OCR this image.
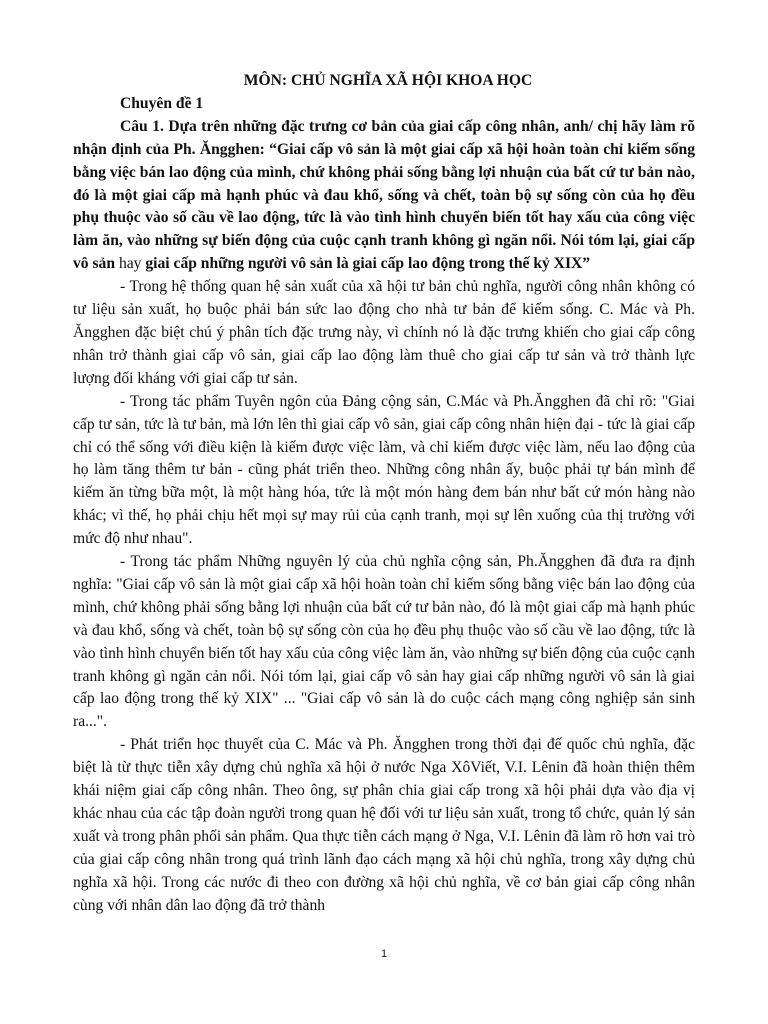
MÔN: CHỦ NGHĨA XÃ HỘI KHOA HỌC

Chuyên đề 1

Câu 1. Dựa trên những đặc trưng cơ bản của giai cấp công nhân, anh/ chị hãy làm rõ nhận định của Ph. Ăngghen: “Giai cấp vô sản là một giai cấp xã hội hoàn toàn chỉ kiếm sống bằng việc bán lao động của mình, chứ không phải sống bằng lợi nhuận của bất cứ tư bản nào, đó là một giai cấp mà hạnh phúc và đau khổ, sống và chết, toàn bộ sự sống còn của họ đều phụ thuộc vào số cầu về lao động, tức là vào tình hình chuyển biến tốt hay xấu của công việc làm ăn, vào những sự biến động của cuộc cạnh tranh không gì ngăn nổi. Nói tóm lại, giai cấp vô sản hay giai cấp những người vô sản là giai cấp lao động trong thế kỷ XIX”

- Trong hệ thống quan hệ sản xuất của xã hội tư bản chủ nghĩa, người công nhân không có tư liệu sản xuất, họ buộc phải bán sức lao động cho nhà tư bản để kiếm sống. C. Mác và Ph. Ăngghen đặc biệt chú ý phân tích đặc trưng này, vì chính nó là đặc trưng khiến cho giai cấp công nhân trở thành giai cấp vô sản, giai cấp lao động làm thuê cho giai cấp tư sản và trở thành lực lượng đối kháng với giai cấp tư sản.

- Trong tác phẩm Tuyên ngôn của Đảng cộng sản, C.Mác và Ph.Ăngghen đã chỉ rõ: "Giai cấp tư sản, tức là tư bản, mà lớn lên thì giai cấp vô sản, giai cấp công nhân hiện đại - tức là giai cấp chỉ có thể sống với điều kiện là kiếm được việc làm, và chỉ kiếm được việc làm, nếu lao động của họ làm tăng thêm tư bản - cũng phát triển theo. Những công nhân ấy, buộc phải tự bán mình để kiếm ăn từng bữa một, là một hàng hóa, tức là một món hàng đem bán như bất cứ món hàng nào khác; vì thế, họ phải chịu hết mọi sự may rủi của cạnh tranh, mọi sự lên xuống của thị trường với mức độ như nhau".

- Trong tác phẩm Những nguyên lý của chủ nghĩa cộng sản, Ph.Ăngghen đã đưa ra định nghĩa: "Giai cấp vô sản là một giai cấp xã hội hoàn toàn chỉ kiếm sống bằng việc bán lao động của mình, chứ không phải sống bằng lợi nhuận của bất cứ tư bản nào, đó là một giai cấp mà hạnh phúc và đau khổ, sống và chết, toàn bộ sự sống còn của họ đều phụ thuộc vào số cầu về lao động, tức là vào tình hình chuyển biến tốt hay xấu của công việc làm ăn, vào những sự biến động của cuộc cạnh tranh không gì ngăn cản nổi. Nói tóm lại, giai cấp vô sản hay giai cấp những người vô sản là giai cấp lao động trong thế kỷ XIX" ... "Giai cấp vô sản là do cuộc cách mạng công nghiệp sản sinh ra...".

- Phát triển học thuyết của C. Mác và Ph. Ăngghen trong thời đại đế quốc chủ nghĩa, đặc biệt là từ thực tiễn xây dựng chủ nghĩa xã hội ở nước Nga XôViết, V.I. Lênin đã hoàn thiện thêm khái niệm giai cấp công nhân. Theo ông, sự phân chia giai cấp trong xã hội phải dựa vào địa vị khác nhau của các tập đoàn người trong quan hệ đối với tư liệu sản xuất, trong tổ chức, quản lý sản xuất và trong phân phối sản phẩm. Qua thực tiễn cách mạng ở Nga, V.I. Lênin đã làm rõ hơn vai trò của giai cấp công nhân trong quá trình lãnh đạo cách mạng xã hội chủ nghĩa, trong xây dựng chủ nghĩa xã hội. Trong các nước đi theo con đường xã hội chủ nghĩa, về cơ bản giai cấp công nhân cùng với nhân dân lao động đã trở thành

1
